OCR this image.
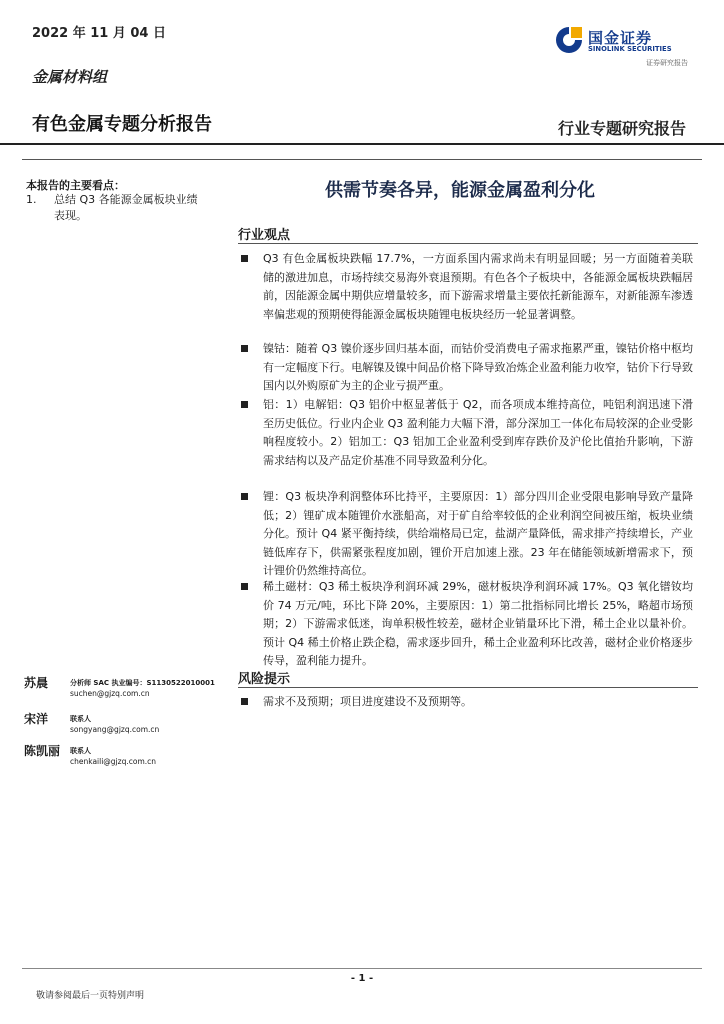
2022 年 11 月 04 日
金属材料组
有色金属专题分析报告	行业专题研究报告
国金证券
SINOLINK SECURITIES
证券研究报告
本报告的主要看点：
1. 总结 Q3 各能源金属板块业绩表现。
供需节奏各异，能源金属盈利分化
行业观点
Q3 有色金属板块跌幅 17.7%，一方面系国内需求尚未有明显回暖；另一方面随着美联储的激进加息，市场持续交易海外衰退预期。有色各个子板块中，各能源金属板块跌幅居前，因能源金属中期供应增量较多，而下游需求增量主要依托新能源车，对新能源车渗透率偏悲观的预期使得能源金属板块随锂电板块经历一轮显著调整。
镍钴：随着 Q3 镍价逐步回归基本面，而钴价受消费电子需求拖累严重，镍钴价格中枢均有一定幅度下行。电解镍及镍中间品价格下降导致冶炼企业盈利能力收窄，钴价下行导致国内以外购原矿为主的企业亏损严重。
铝：1）电解铝：Q3 铝价中枢显著低于 Q2，而各项成本维持高位，吨铝利润迅速下滑至历史低位。行业内企业 Q3 盈利能力大幅下滑，部分深加工一体化布局较深的企业受影响程度较小。2）铝加工：Q3 铝加工企业盈利受到库存跌价及沪伦比值抬升影响，下游需求结构以及产品定价基准不同导致盈利分化。
锂：Q3 板块净利润整体环比持平，主要原因：1）部分四川企业受限电影响导致产量降低；2）锂矿成本随锂价水涨船高，对于矿自给率较低的企业利润空间被压缩，板块业绩分化。预计 Q4 紧平衡持续，供给端格局已定，盐湖产量降低，需求排产持续增长，产业链低库存下，供需紧张程度加剧，锂价开启加速上涨。23 年在储能领域新增需求下，预计锂价仍然维持高位。
稀土磁材：Q3 稀土板块净利润环减 29%，磁材板块净利润环减 17%。Q3 氧化镨钕均价 74 万元/吨，环比下降 20%，主要原因：1）第二批指标同比增长 25%，略超市场预期；2）下游需求低迷，询单积极性较差，磁材企业销量环比下滑，稀土企业以量补价。预计 Q4 稀土价格止跌企稳，需求逐步回升，稀土企业盈利环比改善，磁材企业价格逐步传导，盈利能力提升。
风险提示
需求不及预期；项目进度建设不及预期等。
苏晨	分析师 SAC 执业编号：S1130522010001
suchen@gjzq.com.cn
宋洋	联系人
songyang@gjzq.com.cn
陈凯丽 联系人
chenkaili@gjzq.com.cn
- 1 -
敬请参阅最后一页特别声明
